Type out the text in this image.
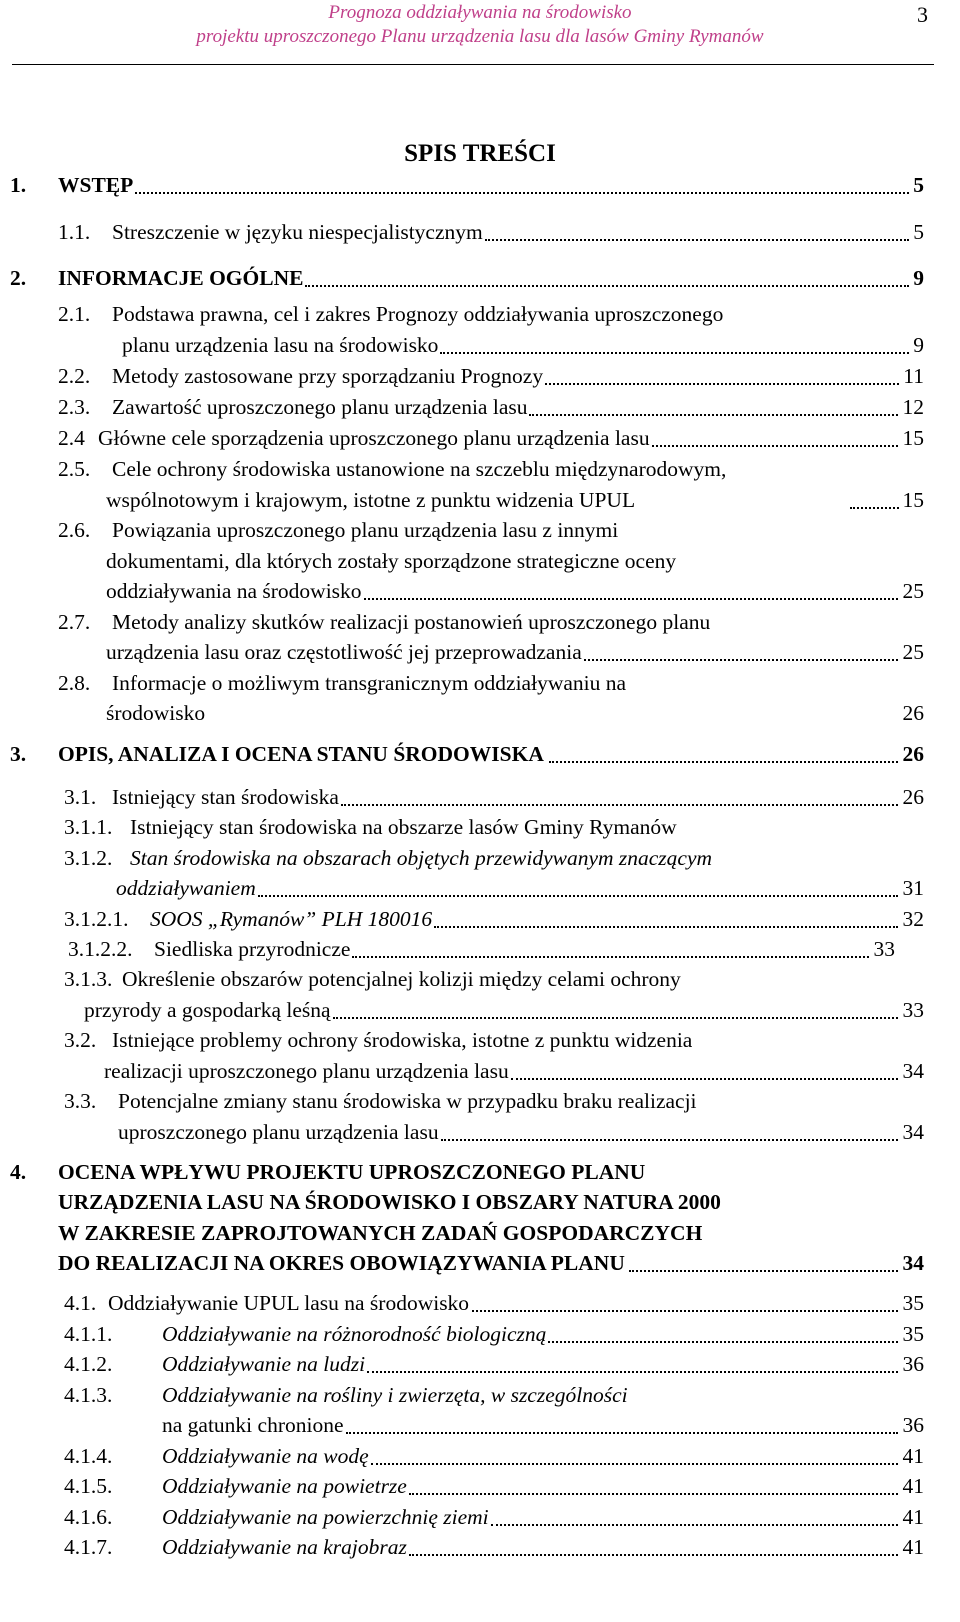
Prognoza oddziaływania na środowisko
projektu uproszczonego Planu urządzenia lasu dla lasów Gminy Rymanów
3
SPIS TREŚCI
1. WSTĘP	5
1.1. Streszczenie w języku niespecjalistycznym	5
2. INFORMACJE OGÓLNE	9
2.1. Podstawa prawna, cel i zakres Prognozy oddziaływania uproszczonego
planu urządzenia lasu na środowisko	9
2.2. Metody zastosowane przy sporządzaniu Prognozy	11
2.3. Zawartość uproszczonego planu urządzenia lasu	12
2.4 Główne cele sporządzenia uproszczonego planu urządzenia lasu	15
2.5. Cele ochrony środowiska ustanowione na szczeblu międzynarodowym,
wspólnotowym i krajowym, istotne z punktu widzenia UPUL	15
2.6. Powiązania uproszczonego planu urządzenia lasu z innymi
dokumentami, dla których zostały sporządzone strategiczne oceny
oddziaływania na środowisko	25
2.7. Metody analizy skutków realizacji postanowień uproszczonego planu
urządzenia lasu oraz częstotliwość jej przeprowadzania	25
2.8. Informacje o możliwym transgranicznym oddziaływaniu na
środowisko	26
3. OPIS, ANALIZA I OCENA STANU ŚRODOWISKA	26
3.1. Istniejący stan środowiska	26
3.1.1. Istniejący stan środowiska na obszarze lasów Gminy Rymanów
3.1.2. Stan środowiska na obszarach objętych przewidywanym znaczącym
oddziaływaniem	31
3.1.2.1. SOOS „Rymanów” PLH 180016	32
3.1.2.2. Siedliska przyrodnicze	33
3.1.3. Określenie obszarów potencjalnej kolizji między celami ochrony
przyrody a gospodarką leśną	33
3.2. Istniejące problemy ochrony środowiska, istotne z punktu widzenia
realizacji uproszczonego planu urządzenia lasu	34
3.3. Potencjalne zmiany stanu środowiska w przypadku braku realizacji
uproszczonego planu urządzenia lasu	34
4. OCENA WPŁYWU PROJEKTU UPROSZCZONEGO PLANU
URZĄDZENIA LASU NA ŚRODOWISKO I OBSZARY NATURA 2000
W ZAKRESIE ZAPROJTOWANYCH ZADAŃ GOSPODARCZYCH
DO REALIZACJI NA OKRES OBOWIĄZYWANIA PLANU	34
4.1. Oddziaływanie UPUL lasu na środowisko	35
4.1.1. Oddziaływanie na różnorodność biologiczną	35
4.1.2. Oddziaływanie na ludzi	36
4.1.3. Oddziaływanie na rośliny i zwierzęta, w szczególności
na gatunki chronione	36
4.1.4. Oddziaływanie na wodę	41
4.1.5. Oddziaływanie na powietrze	41
4.1.6. Oddziaływanie na powierzchnię ziemi	41
4.1.7. Oddziaływanie na krajobraz	41
